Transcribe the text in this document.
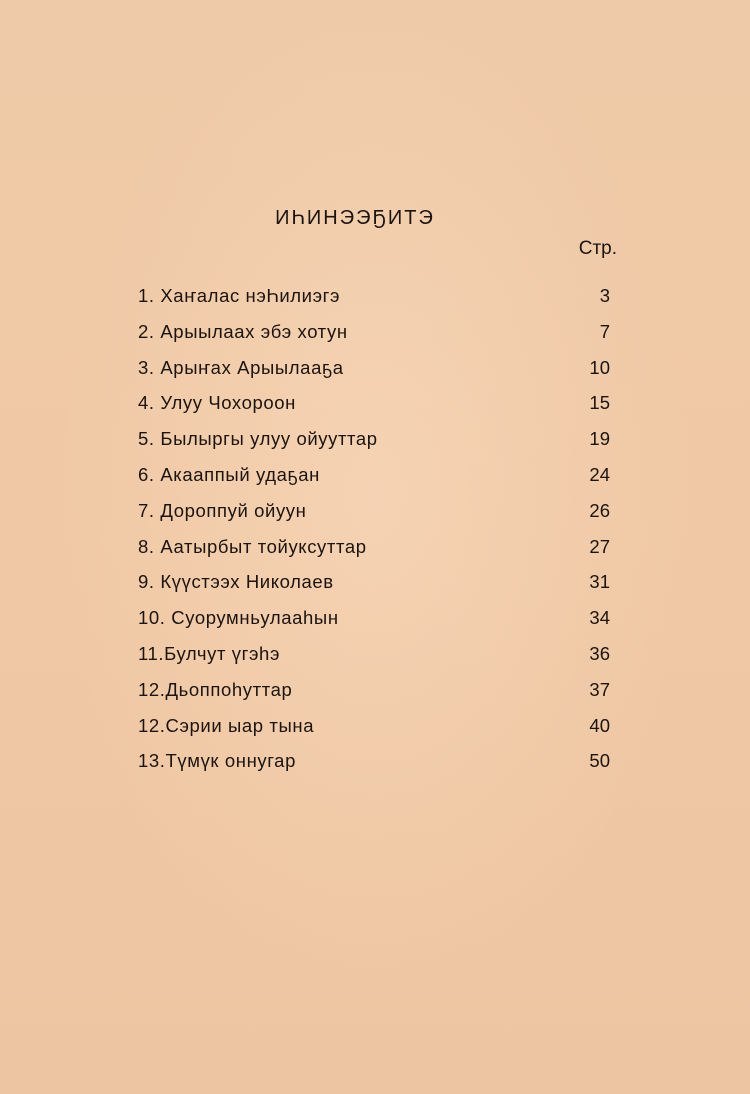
ИҺИНЭЭҔИТЭ
Стр.
1. Хаҥалас нэҺилиэгэ	3
2. Арыылаах эбэ хотун	7
3. Арыҥах Арыылааҕа	10
4. Улуу Чохороон	15
5. Былыргы улуу ойууттар	19
6. Акааппый удаҕан	24
7. Дороппуй ойуун	26
8. Аатырбыт тойуксуттар	27
9. Күүстээх Николаев	31
10. Суорумньулааһын	34
11.Булчут үгэһэ	36
12.Дьоппоһуттар	37
12.Сэрии ыар тына	40
13.Түмүк оннугар	50
